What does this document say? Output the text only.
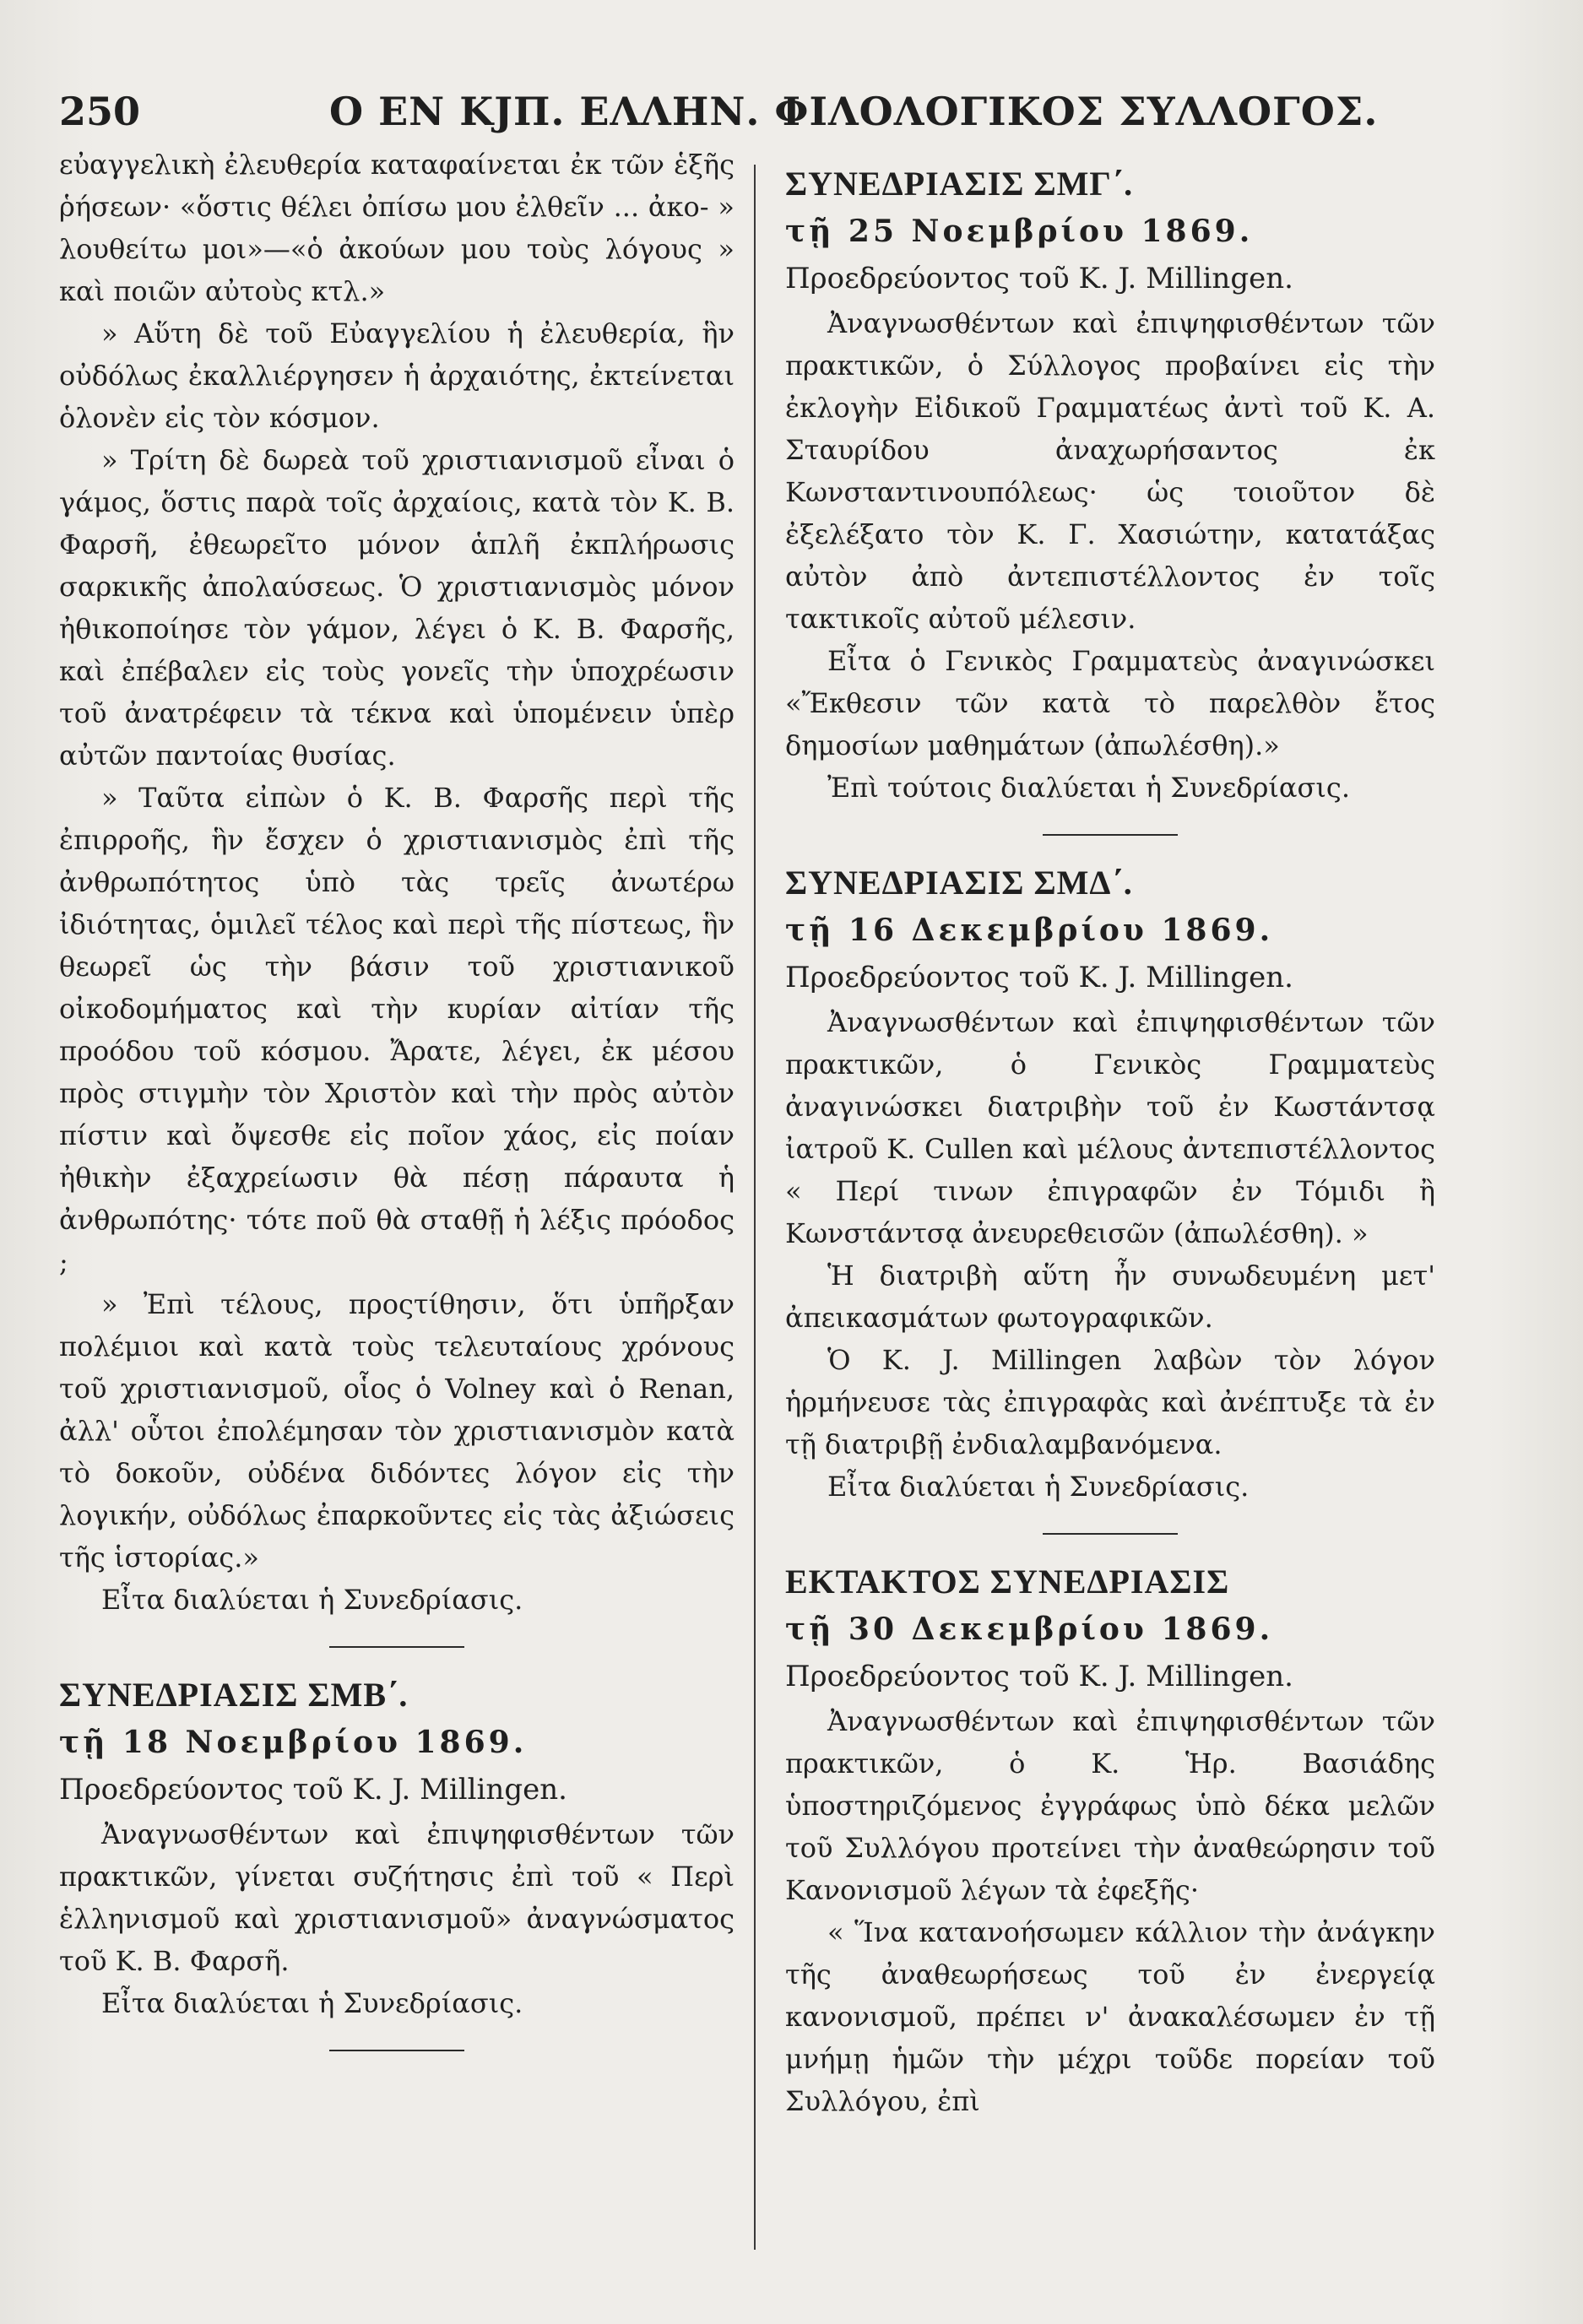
250	Ο ΕΝ ΚJΠ. ΕΛΛΗΝ. ΦΙΛΟΛΟΓΙΚΟΣ ΣΥΛΛΟΓΟΣ.

εὐαγγελικὴ ἐλευθερία καταφαίνεται ἐκ τῶν ἑξῆς ῥήσεων· «ὅστις θέλει ὀπίσω μου ἐλθεῖν ... ἀκο- » λουθείτω μοι»—«ὁ ἀκούων μου τοὺς λόγους » καὶ ποιῶν αὐτοὺς κτλ.»

» Αὕτη δὲ τοῦ Εὐαγγελίου ἡ ἐλευθερία, ἣν οὐδόλως ἐκαλλιέργησεν ἡ ἀρχαιότης, ἐκτείνεται ὁλονὲν εἰς τὸν κόσμον.

» Τρίτη δὲ δωρεὰ τοῦ χριστιανισμοῦ εἶναι ὁ γάμος, ὅστις παρὰ τοῖς ἀρχαίοις, κατὰ τὸν Κ. Β. Φαρσῆ, ἐθεωρεῖτο μόνον ἁπλῆ ἐκπλήρωσις σαρκικῆς ἀπολαύσεως. Ὁ χριστιανισμὸς μόνον ἠθικοποίησε τὸν γάμον, λέγει ὁ Κ. Β. Φαρσῆς, καὶ ἐπέβαλεν εἰς τοὺς γονεῖς τὴν ὑποχρέωσιν τοῦ ἀνατρέφειν τὰ τέκνα καὶ ὑπομένειν ὑπὲρ αὐτῶν παντοίας θυσίας.

» Ταῦτα εἰπὼν ὁ Κ. Β. Φαρσῆς περὶ τῆς ἐπιρροῆς, ἣν ἔσχεν ὁ χριστιανισμὸς ἐπὶ τῆς ἀνθρωπότητος ὑπὸ τὰς τρεῖς ἀνωτέρω ἰδιότητας, ὁμιλεῖ τέλος καὶ περὶ τῆς πίστεως, ἣν θεωρεῖ ὡς τὴν βάσιν τοῦ χριστιανικοῦ οἰκοδομήματος καὶ τὴν κυρίαν αἰτίαν τῆς προόδου τοῦ κόσμου. Ἄρατε, λέγει, ἐκ μέσου πρὸς στιγμὴν τὸν Χριστὸν καὶ τὴν πρὸς αὐτὸν πίστιν καὶ ὄψεσθε εἰς ποῖον χάος, εἰς ποίαν ἠθικὴν ἐξαχρείωσιν θὰ πέσῃ πάραυτα ἡ ἀνθρωπότης· τότε ποῦ θὰ σταθῇ ἡ λέξις πρόοδος ;

» Ἐπὶ τέλους, προςτίθησιν, ὅτι ὑπῆρξαν πολέμιοι καὶ κατὰ τοὺς τελευταίους χρόνους τοῦ χριστιανισμοῦ, οἷος ὁ Volney καὶ ὁ Renan, ἀλλ' οὗτοι ἐπολέμησαν τὸν χριστιανισμὸν κατὰ τὸ δοκοῦν, οὐδένα διδόντες λόγον εἰς τὴν λογικήν, οὐδόλως ἐπαρκοῦντες εἰς τὰς ἀξιώσεις τῆς ἱστορίας.»

Εἶτα διαλύεται ἡ Συνεδρίασις.

ΣΥΝΕΔΡΙΑΣΙΣ ΣΜΒ΄.

τῇ 18 Νοεμβρίου 1869.

Προεδρεύοντος τοῦ Κ. J. Millingen.

Ἀναγνωσθέντων καὶ ἐπιψηφισθέντων τῶν πρακτικῶν, γίνεται συζήτησις ἐπὶ τοῦ « Περὶ ἑλληνισμοῦ καὶ χριστιανισμοῦ» ἀναγνώσματος τοῦ Κ. Β. Φαρσῆ.

Εἶτα διαλύεται ἡ Συνεδρίασις.

ΣΥΝΕΔΡΙΑΣΙΣ ΣΜΓ΄.

τῇ 25 Νοεμβρίου 1869.

Προεδρεύοντος τοῦ Κ. J. Millingen.

Ἀναγνωσθέντων καὶ ἐπιψηφισθέντων τῶν πρακτικῶν, ὁ Σύλλογος προβαίνει εἰς τὴν ἐκλογὴν Εἰδικοῦ Γραμματέως ἀντὶ τοῦ Κ. Α. Σταυρίδου ἀναχωρήσαντος ἐκ Κωνσταντινουπόλεως· ὡς τοιοῦτον δὲ ἐξελέξατο τὸν Κ. Γ. Χασιώτην, κατατάξας αὐτὸν ἀπὸ ἀντεπιστέλλοντος ἐν τοῖς τακτικοῖς αὐτοῦ μέλεσιν.

Εἶτα ὁ Γενικὸς Γραμματεὺς ἀναγινώσκει «Ἔκθεσιν τῶν κατὰ τὸ παρελθὸν ἔτος δημοσίων μαθημάτων (ἀπωλέσθη).»

Ἐπὶ τούτοις διαλύεται ἡ Συνεδρίασις.

ΣΥΝΕΔΡΙΑΣΙΣ ΣΜΔ΄.

τῇ 16 Δεκεμβρίου 1869.

Προεδρεύοντος τοῦ Κ. J. Millingen.

Ἀναγνωσθέντων καὶ ἐπιψηφισθέντων τῶν πρακτικῶν, ὁ Γενικὸς Γραμματεὺς ἀναγινώσκει διατριβὴν τοῦ ἐν Κωστάντσᾳ ἰατροῦ Κ. Cullen καὶ μέλους ἀντεπιστέλλοντος « Περί τινων ἐπιγραφῶν ἐν Τόμιδι ἢ Κωνστάντσᾳ ἀνευρεθεισῶν (ἀπωλέσθη). »

Ἡ διατριβὴ αὕτη ἦν συνωδευμένη μετ' ἀπεικασμάτων φωτογραφικῶν.

Ὁ Κ. J. Millingen λαβὼν τὸν λόγον ἡρμήνευσε τὰς ἐπιγραφὰς καὶ ἀνέπτυξε τὰ ἐν τῇ διατριβῇ ἐνδιαλαμβανόμενα.

Εἶτα διαλύεται ἡ Συνεδρίασις.

ΕΚΤΑΚΤΟΣ ΣΥΝΕΔΡΙΑΣΙΣ

τῇ 30 Δεκεμβρίου 1869.

Προεδρεύοντος τοῦ Κ. J. Millingen.

Ἀναγνωσθέντων καὶ ἐπιψηφισθέντων τῶν πρακτικῶν, ὁ Κ. Ἡρ. Βασιάδης ὑποστηριζόμενος ἐγγράφως ὑπὸ δέκα μελῶν τοῦ Συλλόγου προτείνει τὴν ἀναθεώρησιν τοῦ Κανονισμοῦ λέγων τὰ ἐφεξῆς·

« Ἵνα κατανοήσωμεν κάλλιον τὴν ἀνάγκην τῆς ἀναθεωρήσεως τοῦ ἐν ἐνεργείᾳ κανονισμοῦ, πρέπει ν' ἀνακαλέσωμεν ἐν τῇ μνήμῃ ἡμῶν τὴν μέχρι τοῦδε πορείαν τοῦ Συλλόγου, ἐπὶ
